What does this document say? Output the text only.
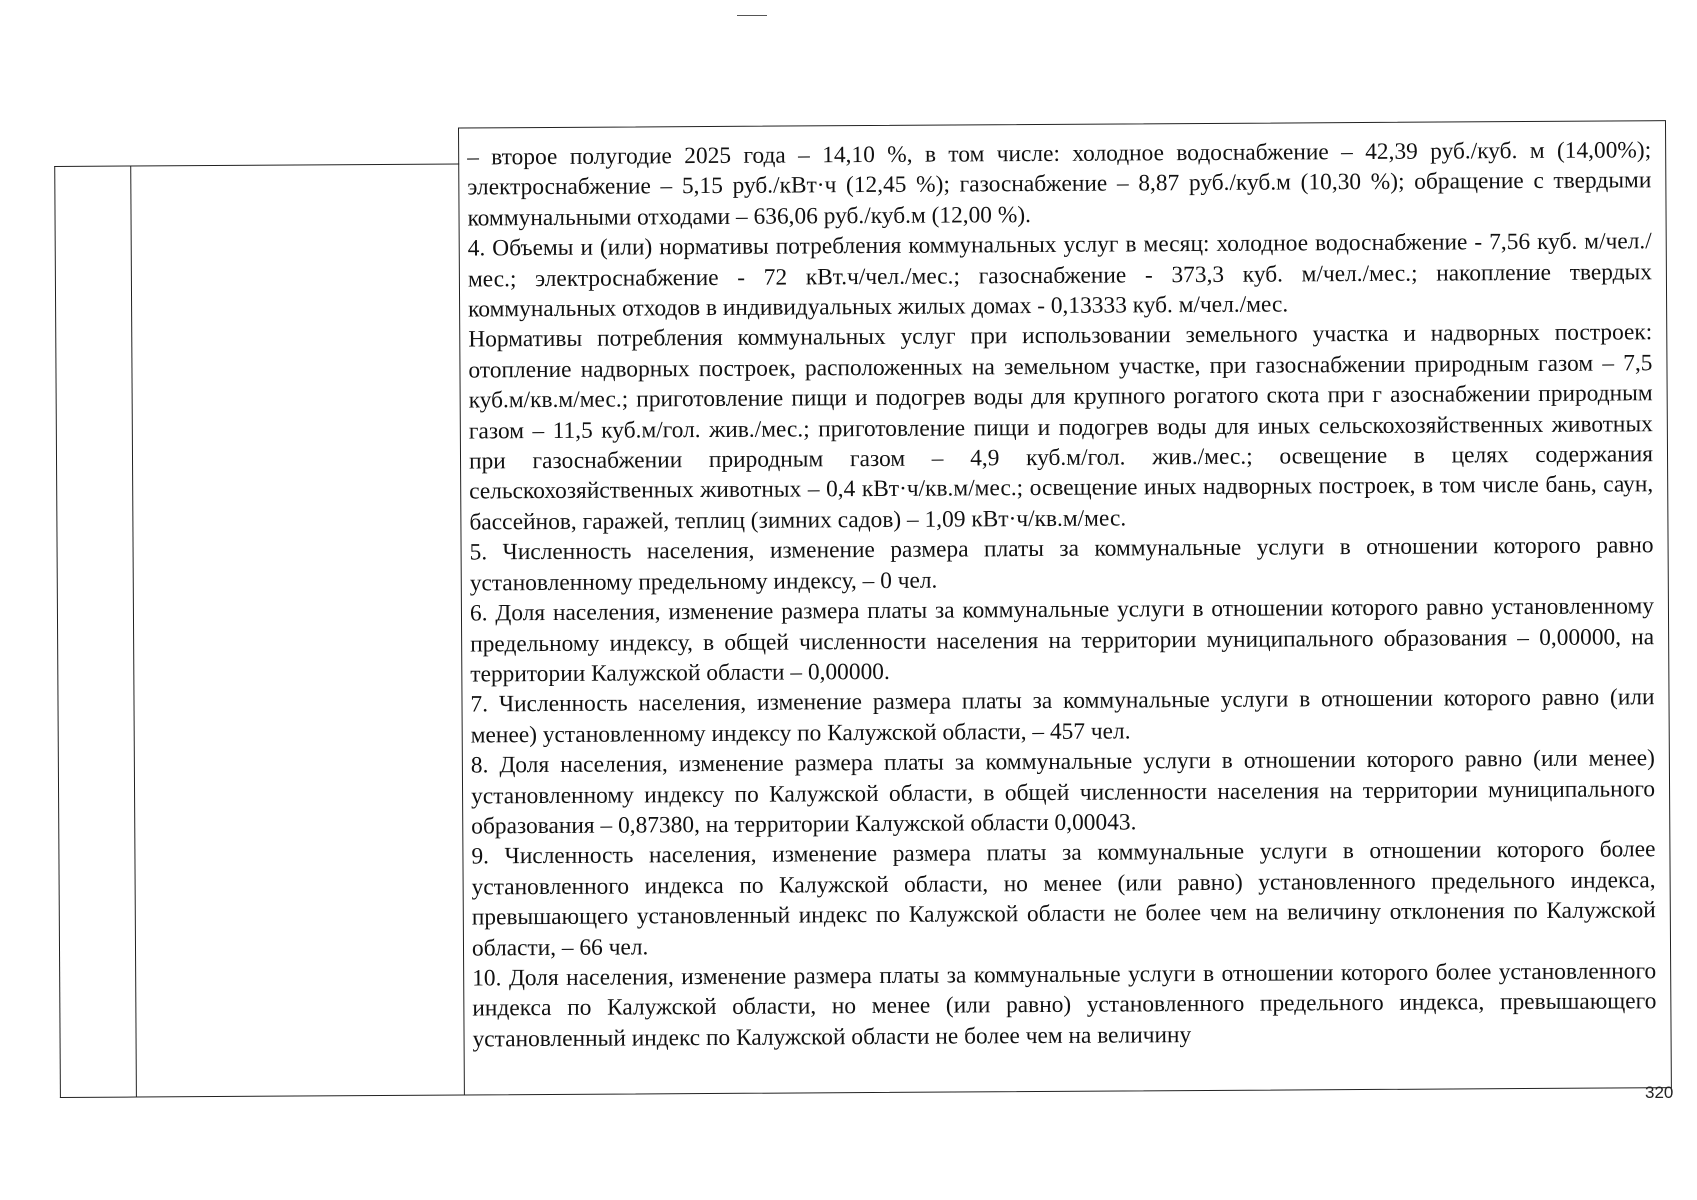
– второе полугодие 2025 года – 14,10 %, в том числе: холодное водоснабжение – 42,39 руб./куб. м (14,00%); электроснабжение – 5,15 руб./кВт·ч (12,45 %); газоснабжение – 8,87 руб./куб.м (10,30 %); обращение с твердыми коммунальными отходами – 636,06 руб./куб.м (12,00 %).

4. Объемы и (или) нормативы потребления коммунальных услуг в месяц: холодное водоснабжение - 7,56 куб. м/чел./мес.; электроснабжение - 72 кВт.ч/чел./мес.; газоснабжение - 373,3 куб. м/чел./мес.; накопление твердых коммунальных отходов в индивидуальных жилых домах - 0,13333 куб. м/чел./мес.

Нормативы потребления коммунальных услуг при использовании земельного участка и надворных построек: отопление надворных построек, расположенных на земельном участке, при газоснабжении природным газом – 7,5 куб.м/кв.м/мес.; приготовление пищи и подогрев воды для крупного рогатого скота при г азоснабжении природным газом – 11,5 куб.м/гол. жив./мес.; приготовление пищи и подогрев воды для иных сельскохозяйственных животных при газоснабжении природным газом – 4,9 куб.м/гол. жив./мес.; освещение в целях содержания сельскохозяйственных животных – 0,4 кВт·ч/кв.м/мес.; освещение иных надворных построек, в том числе бань, саун, бассейнов, гаражей, теплиц (зимних садов) – 1,09 кВт·ч/кв.м/мес.

5. Численность населения, изменение размера платы за коммунальные услуги в отношении которого равно установленному предельному индексу, – 0 чел.

6. Доля населения, изменение размера платы за коммунальные услуги в отношении которого равно установленному предельному индексу, в общей численности населения на территории муниципального образования – 0,00000, на территории Калужской области – 0,00000.

7. Численность населения, изменение размера платы за коммунальные услуги в отношении которого равно (или менее) установленному индексу по Калужской области, – 457 чел.

8. Доля населения, изменение размера платы за коммунальные услуги в отношении которого равно (или менее) установленному индексу по Калужской области, в общей численности населения на территории муниципального образования – 0,87380, на территории Калужской области 0,00043.

9. Численность населения, изменение размера платы за коммунальные услуги в отношении которого более установленного индекса по Калужской области, но менее (или равно) установленного предельного индекса, превышающего установленный индекс по Калужской области не более чем на величину отклонения по Калужской области, – 66 чел.

10. Доля населения, изменение размера платы за коммунальные услуги в отношении которого более установленного индекса по Калужской области, но менее (или равно) установленного предельного индекса, превышающего установленный индекс по Калужской области не более чем на величину

320
